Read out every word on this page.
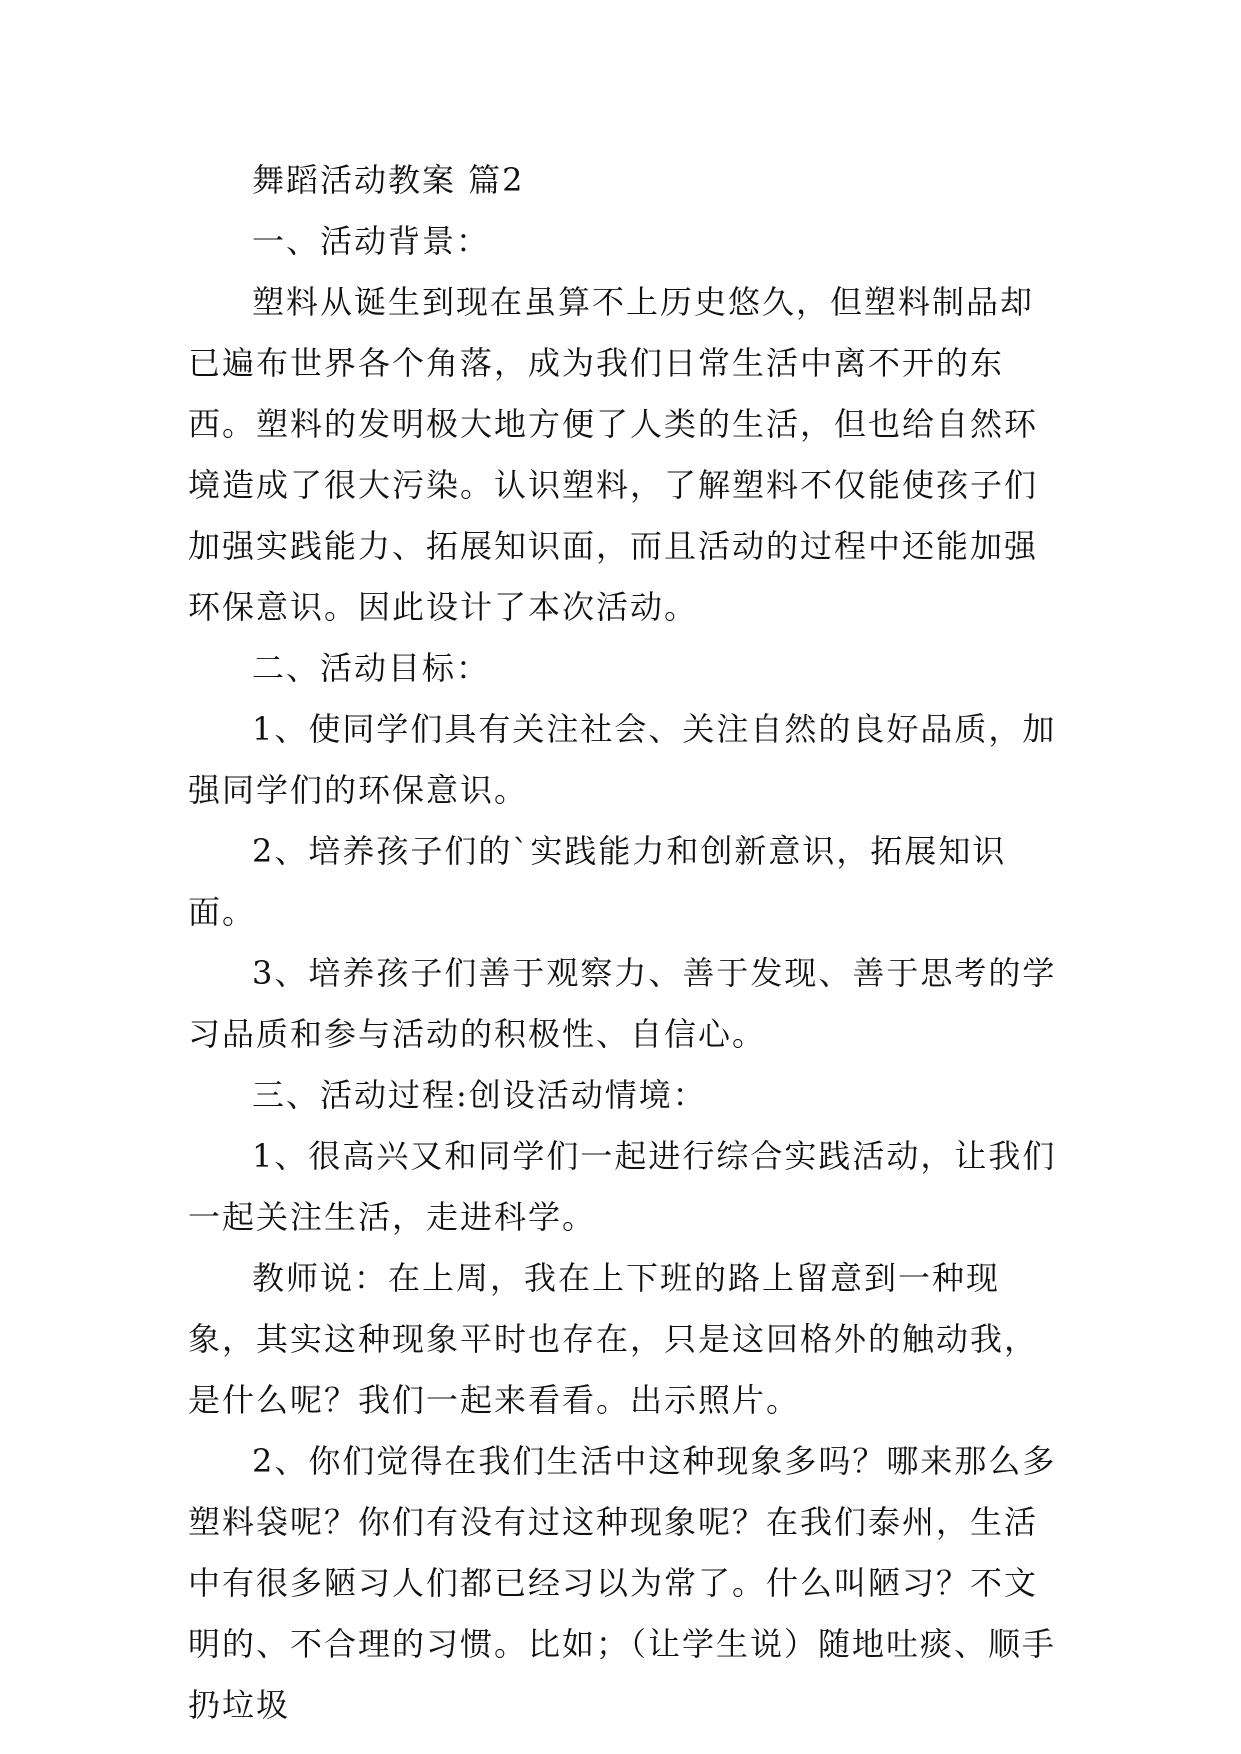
舞蹈活动教案 篇2

一、活动背景：

塑料从诞生到现在虽算不上历史悠久，但塑料制品却已遍布世界各个角落，成为我们日常生活中离不开的东西。塑料的发明极大地方便了人类的生活，但也给自然环境造成了很大污染。认识塑料，了解塑料不仅能使孩子们加强实践能力、拓展知识面，而且活动的过程中还能加强环保意识。因此设计了本次活动。

二、活动目标：

1、使同学们具有关注社会、关注自然的良好品质，加强同学们的环保意识。

2、培养孩子们的`实践能力和创新意识，拓展知识面。

3、培养孩子们善于观察力、善于发现、善于思考的学习品质和参与活动的积极性、自信心。

三、活动过程:创设活动情境：

1、很高兴又和同学们一起进行综合实践活动，让我们一起关注生活，走进科学。

教师说：在上周，我在上下班的路上留意到一种现象，其实这种现象平时也存在，只是这回格外的触动我，是什么呢？我们一起来看看。出示照片。

2、你们觉得在我们生活中这种现象多吗？哪来那么多塑料袋呢？你们有没有过这种现象呢？在我们泰州，生活中有很多陋习人们都已经习以为常了。什么叫陋习？不文明的、不合理的习惯。比如；（让学生说）随地吐痰、顺手扔垃圾
